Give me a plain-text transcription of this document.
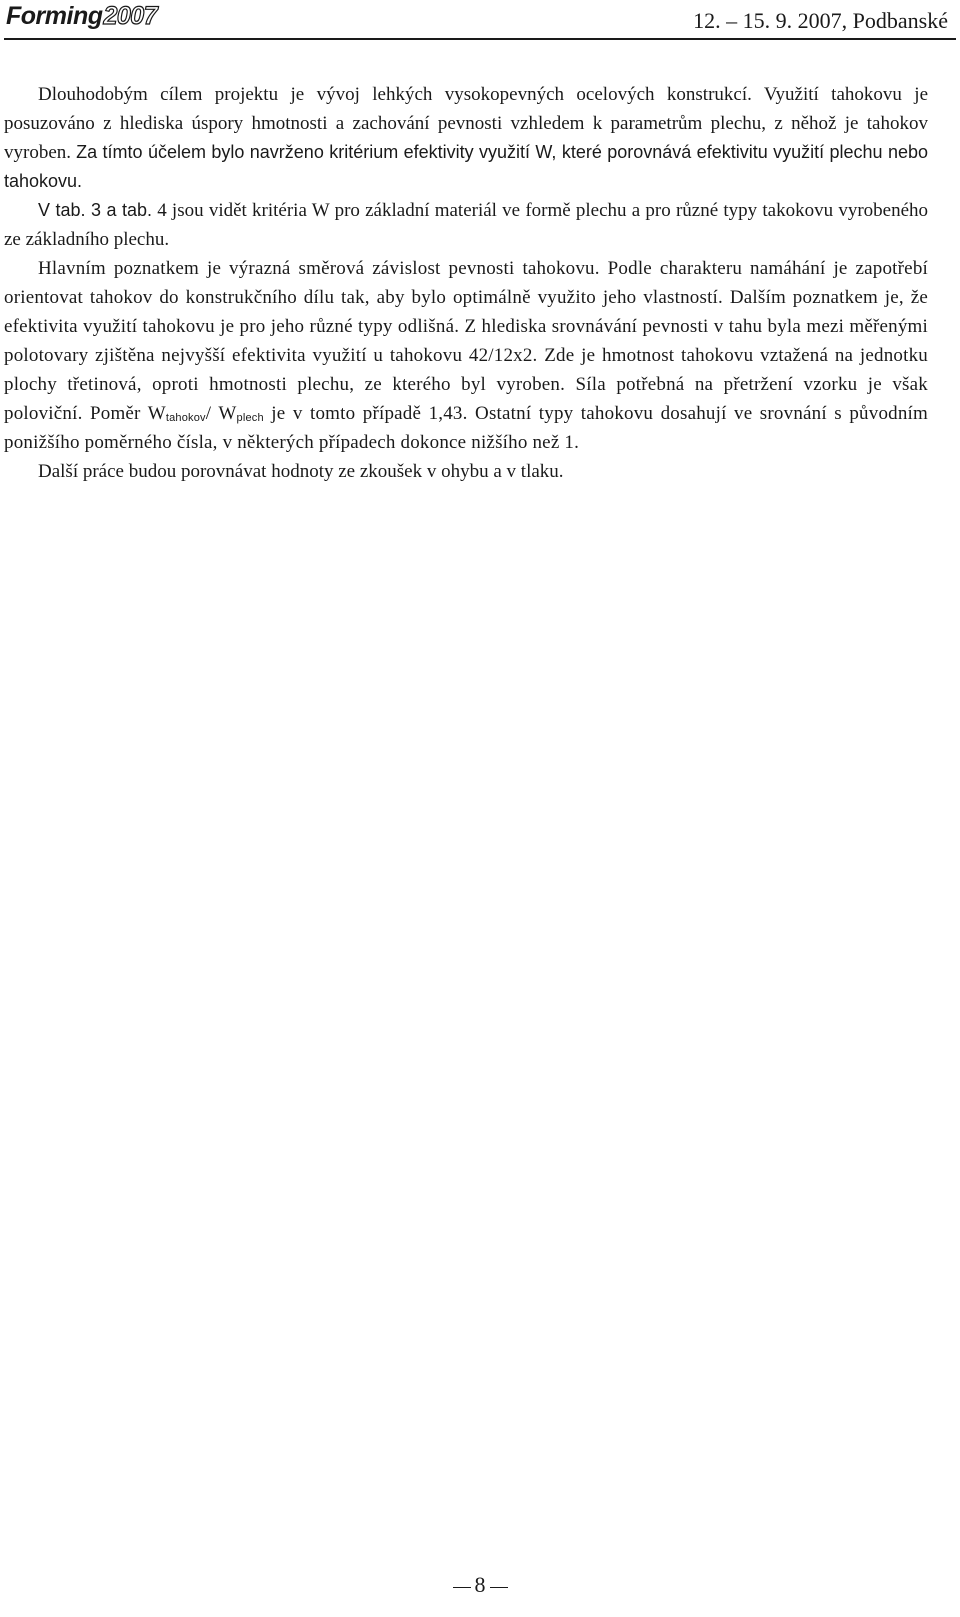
Forming2007	12. – 15. 9. 2007, Podbanské

Dlouhodobým cílem projektu je vývoj lehkých vysokopevných ocelových konstrukcí. Využití tahokovu je posuzováno z hlediska úspory hmotnosti a zachování pevnosti vzhledem k parametrům plechu, z něhož je tahokov vyroben. Za tímto účelem bylo navrženo kritérium efektivity využití W, které porovnává efektivitu využití plechu nebo tahokovu.

V tab. 3 a tab. 4 jsou vidět kritéria W pro základní materiál ve formě plechu a pro různé typy takokovu vyrobeného ze základního plechu.

Hlavním poznatkem je výrazná směrová závislost pevnosti tahokovu. Podle charakteru namáhání je zapotřebí orientovat tahokov do konstrukčního dílu tak, aby bylo optimálně využito jeho vlastností. Dalším poznatkem je, že efektivita využití tahokovu je pro jeho různé typy odlišná. Z hlediska srovnávání pevnosti v tahu byla mezi měřenými polotovary zjištěna nejvyšší efektivita využití u tahokovu 42/12x2. Zde je hmotnost tahokovu vztažená na jednotku plochy třetinová, oproti hmotnosti plechu, ze kterého byl vyroben. Síla potřebná na přetržení vzorku je však poloviční. Poměr $W_{tahokov}/$ $W_{plech}$ je v tomto případě 1,43. Ostatní typy tahokovu dosahují ve srovnání s původním ponižšího poměrného čísla, v některých případech dokonce nižšího než 1.

Další práce budou porovnávat hodnoty ze zkoušek v ohybu a v tlaku.

8
